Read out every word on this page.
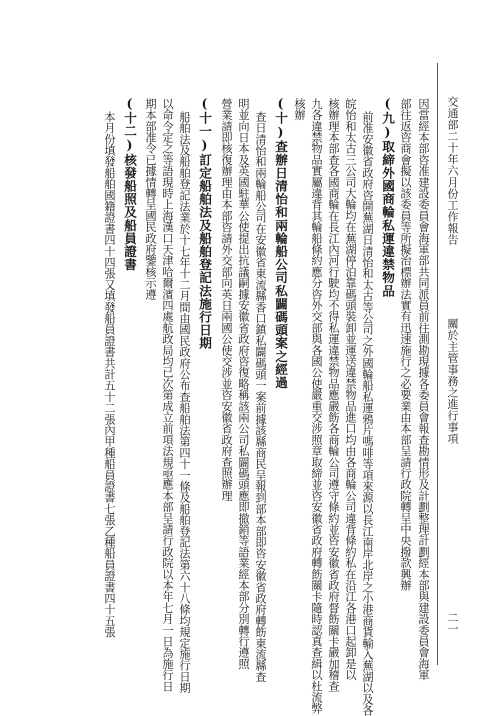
交通部二十年六月份工作報告
關於主管事務之進行事項
二一
因當經本部咨准建設委員會海軍部共同派員前往測勘現據各委員會報查勘情形及計劃整理計劃經本部與建設委員會海軍
部往返咨商會擬以該委員等所擬治標辦法實有迅速施行之必要業由本部呈請行政院轉呈中央撥款興辦
(九)取締外國商輪私運違禁物品
前准安徽省政府咨開蕪湖日清怡和太古等公司之外國輪船私運鴉片嗎啡等項來源以長江南岸北岸之小港商貨輸入蕪湖以及各
皖怡和太古三公司大輪均在蕪湖停泊靠碼頭裝卸並運送違禁物品進口均由各商輪公司違背條約私在沿江各港口起卸是以
核辦理本部查各國商輪在長江內河行駛均不得私運違禁物品應嚴飭各商輪公司遵守條約並咨安徽省政府督飭關卡嚴加稽查
九各違禁物品實屬違背其輪船條約應分咨外交部與各國公使嚴重交涉照章取締並咨安徽省政府轉飭關卡隨時認真查緝以杜流弊
核辦
(十)查辦日清怡和兩輪船公司私闢碼頭案之經過
查日清怡和兩輪船公司在安徽省東流縣香口鎮私闢碼頭一案前據該縣商民呈報到部本部即咨安徽省政府轉飭東流縣查
明並向日本及英國駐華公使提出抗議嗣據安徽省政府咨復略稱該兩公司私闢碼頭應即撤銷等語業經本部分別轉行遵照
營業請即核復辦理由本部咨請外交部向英日兩國公使交涉並咨安徽省政府查照辦理
(十一)訂定船舶法及船舶登記法施行日期
船舶法及船舶登記法業於十七年十二月間由國民政府公布查船舶法第四十一條及船舶登記法第六十八條均規定施行日期
以命令定之等語現時上海漢口天津哈爾濱四處航政局均已次第成立前項法規亟應本部呈請行政院以本年七月一日為施行日
期本部准令已據情轉呈國民政府鑒核示遵
(十二)核發船照及船員證書
本月份填發船舶國籍證書四十四張又填發船員證書共計五十二張內甲種船員證書七張乙種船員證書四十五張
